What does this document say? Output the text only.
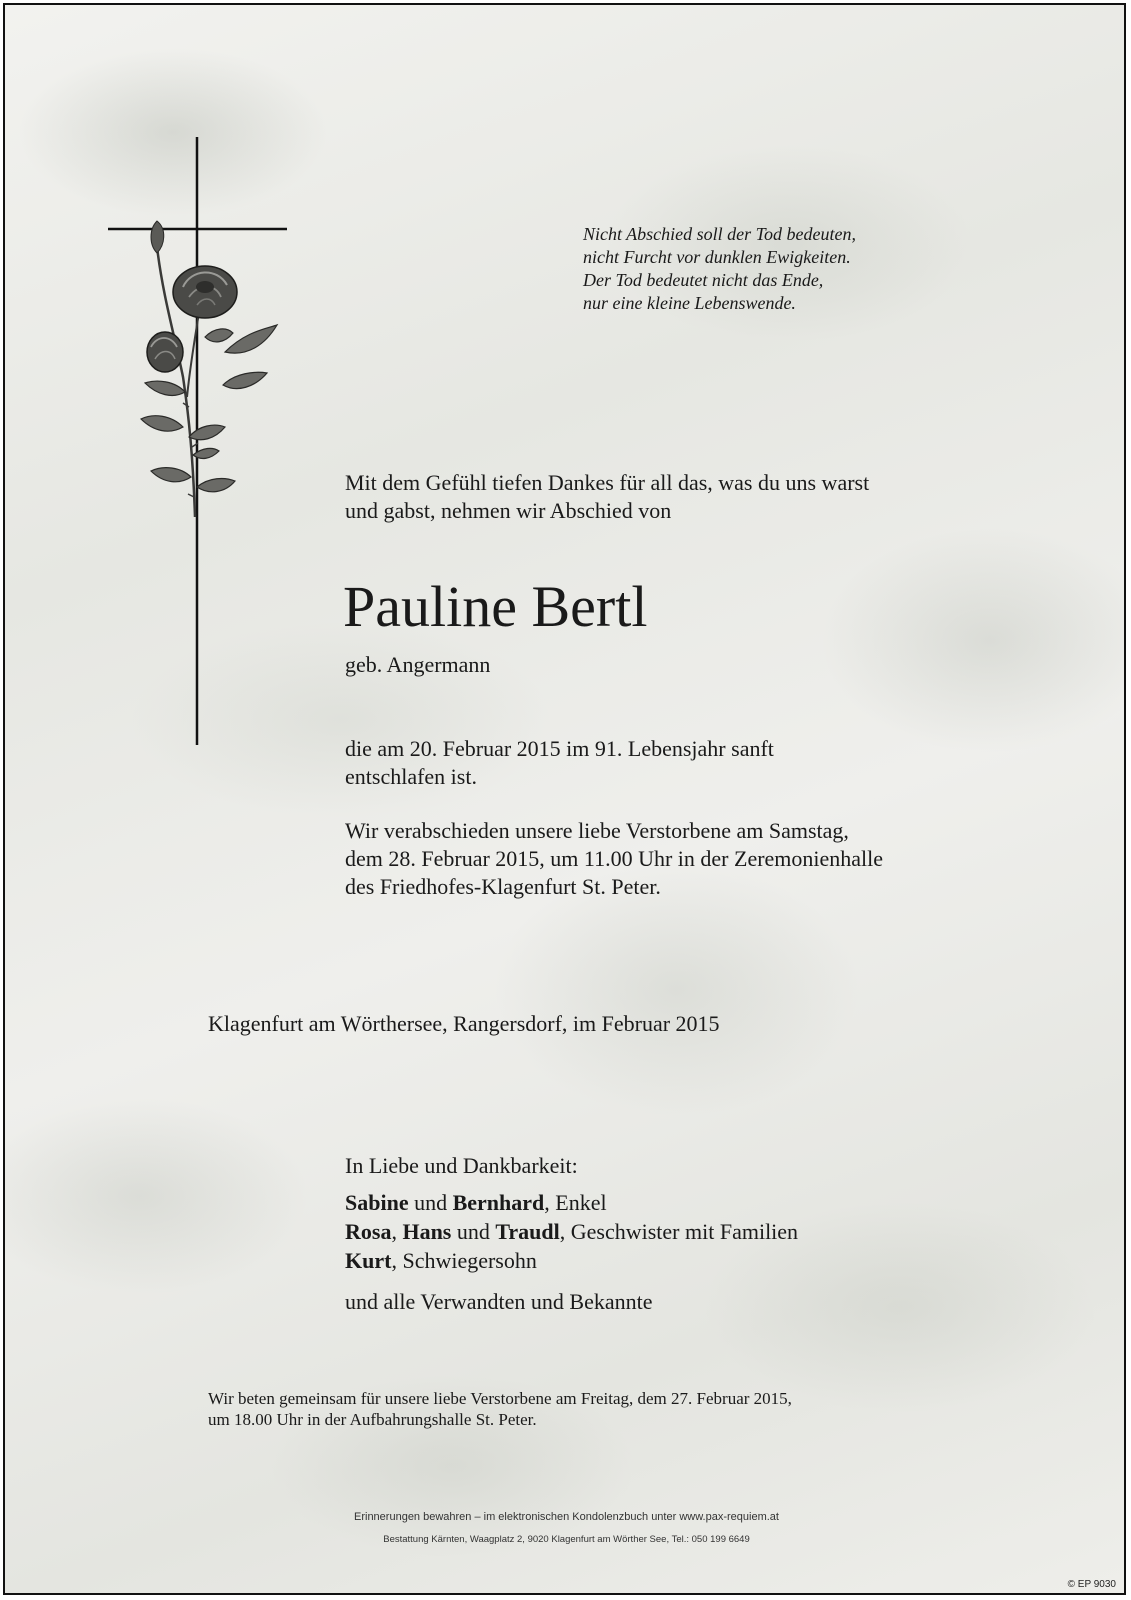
Nicht Abschied soll der Tod bedeuten,
nicht Furcht vor dunklen Ewigkeiten.
Der Tod bedeutet nicht das Ende,
nur eine kleine Lebenswende.
Mit dem Gefühl tiefen Dankes für all das, was du uns warst
und gabst, nehmen wir Abschied von
Pauline Bertl
geb. Angermann
die am 20. Februar 2015 im 91. Lebensjahr sanft
entschlafen ist.
Wir verabschieden unsere liebe Verstorbene am Samstag,
dem 28. Februar 2015, um 11.00 Uhr in der Zeremonienhalle
des Friedhofes-Klagenfurt St. Peter.
Klagenfurt am Wörthersee, Rangersdorf, im Februar 2015
In Liebe und Dankbarkeit:
Sabine und Bernhard, Enkel
Rosa, Hans und Traudl, Geschwister mit Familien
Kurt, Schwiegersohn
und alle Verwandten und Bekannte
Wir beten gemeinsam für unsere liebe Verstorbene am Freitag, dem 27. Februar 2015,
um 18.00 Uhr in der Aufbahrungshalle St. Peter.
Erinnerungen bewahren – im elektronischen Kondolenzbuch unter www.pax-requiem.at
Bestattung Kärnten, Waagplatz 2, 9020 Klagenfurt am Wörther See, Tel.: 050 199 6649
© EP 9030
